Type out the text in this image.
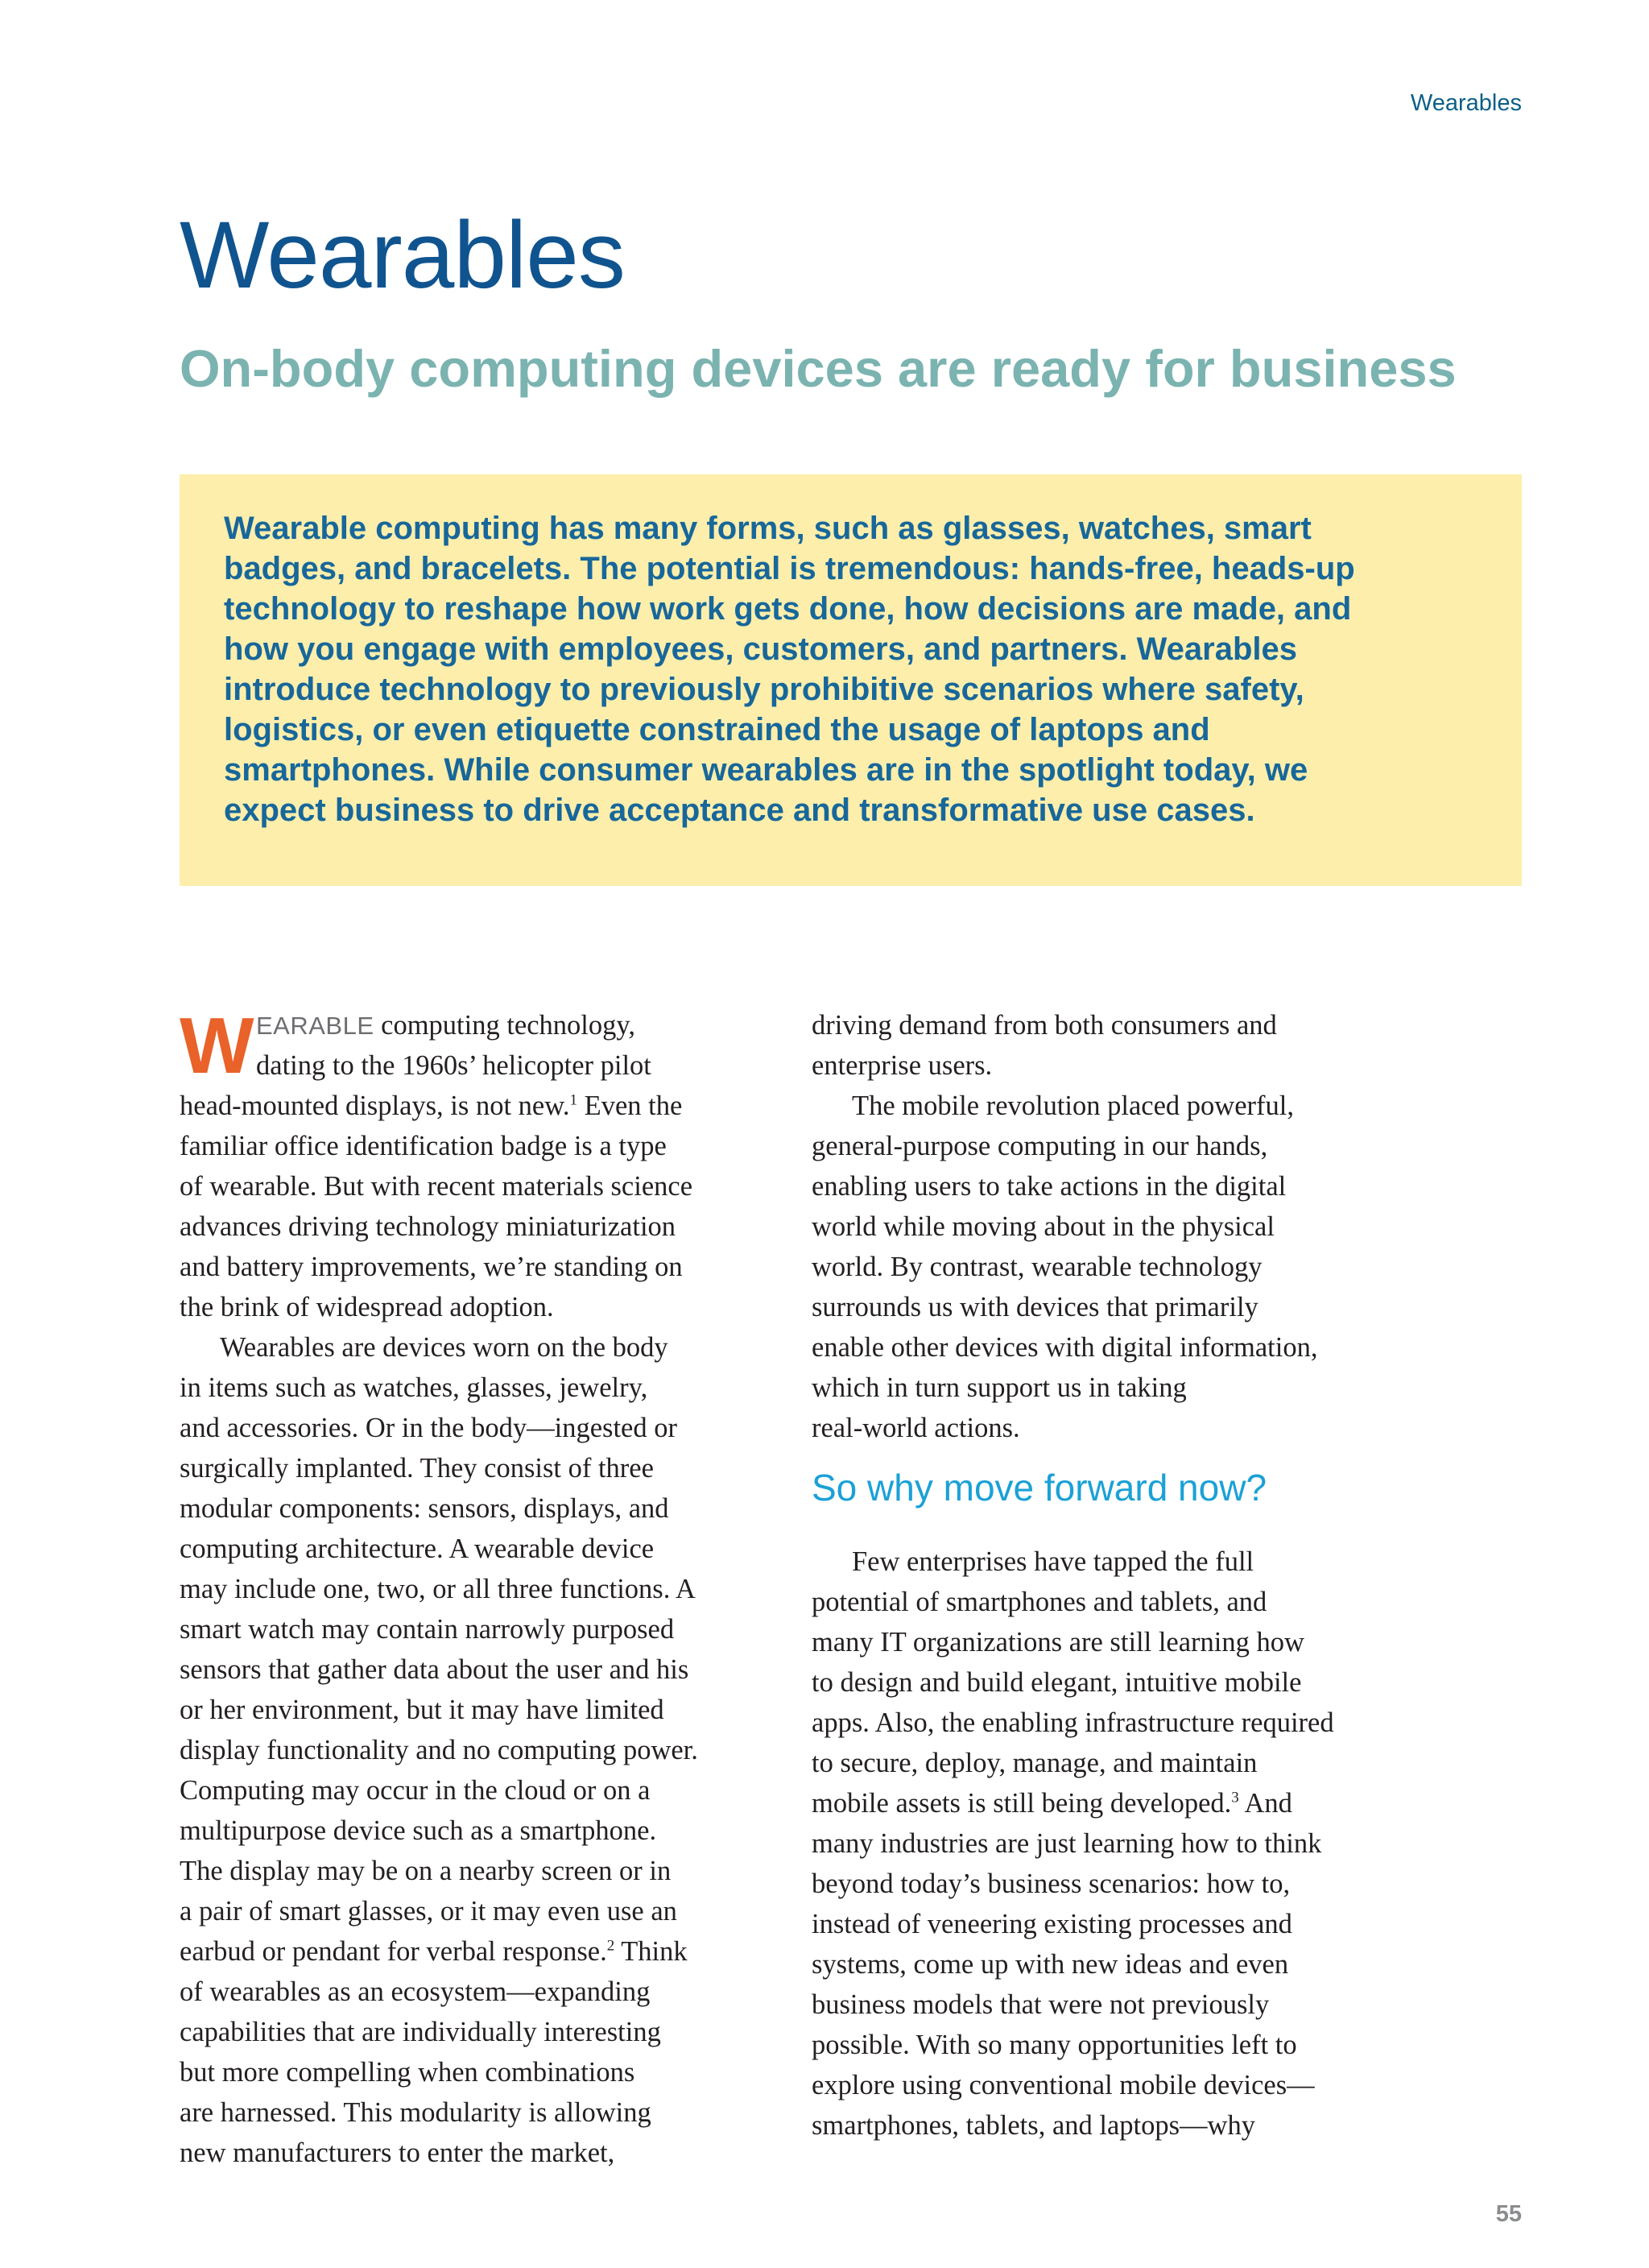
Wearables
Wearables
On-body computing devices are ready for business

Wearable computing has many forms, such as glasses, watches, smart badges, and bracelets. The potential is tremendous: hands-free, heads-up technology to reshape how work gets done, how decisions are made, and how you engage with employees, customers, and partners. Wearables introduce technology to previously prohibitive scenarios where safety, logistics, or even etiquette constrained the usage of laptops and smartphones. While consumer wearables are in the spotlight today, we expect business to drive acceptance and transformative use cases.

W EARABLE computing technology,
dating to the 1960s’ helicopter pilot
head-mounted displays, is not new.$^1$ Even the
familiar office identification badge is a type
of wearable. But with recent materials science
advances driving technology miniaturization
and battery improvements, we’re standing on
the brink of widespread adoption.
Wearables are devices worn on the body
in items such as watches, glasses, jewelry,
and accessories. Or in the body—ingested or
surgically implanted. They consist of three
modular components: sensors, displays, and
computing architecture. A wearable device
may include one, two, or all three functions. A
smart watch may contain narrowly purposed
sensors that gather data about the user and his
or her environment, but it may have limited
display functionality and no computing power.
Computing may occur in the cloud or on a
multipurpose device such as a smartphone.
The display may be on a nearby screen or in
a pair of smart glasses, or it may even use an
earbud or pendant for verbal response.$^2$ Think
of wearables as an ecosystem—expanding
capabilities that are individually interesting
but more compelling when combinations
are harnessed. This modularity is allowing
new manufacturers to enter the market,
driving demand from both consumers and
enterprise users.
The mobile revolution placed powerful,
general-purpose computing in our hands,
enabling users to take actions in the digital
world while moving about in the physical
world. By contrast, wearable technology
surrounds us with devices that primarily
enable other devices with digital information,
which in turn support us in taking
real-world actions.
So why move forward now?
Few enterprises have tapped the full
potential of smartphones and tablets, and
many IT organizations are still learning how
to design and build elegant, intuitive mobile
apps. Also, the enabling infrastructure required
to secure, deploy, manage, and maintain
mobile assets is still being developed.$^3$ And
many industries are just learning how to think
beyond today’s business scenarios: how to,
instead of veneering existing processes and
systems, come up with new ideas and even
business models that were not previously
possible. With so many opportunities left to
explore using conventional mobile devices—
smartphones, tablets, and laptops—why
55
